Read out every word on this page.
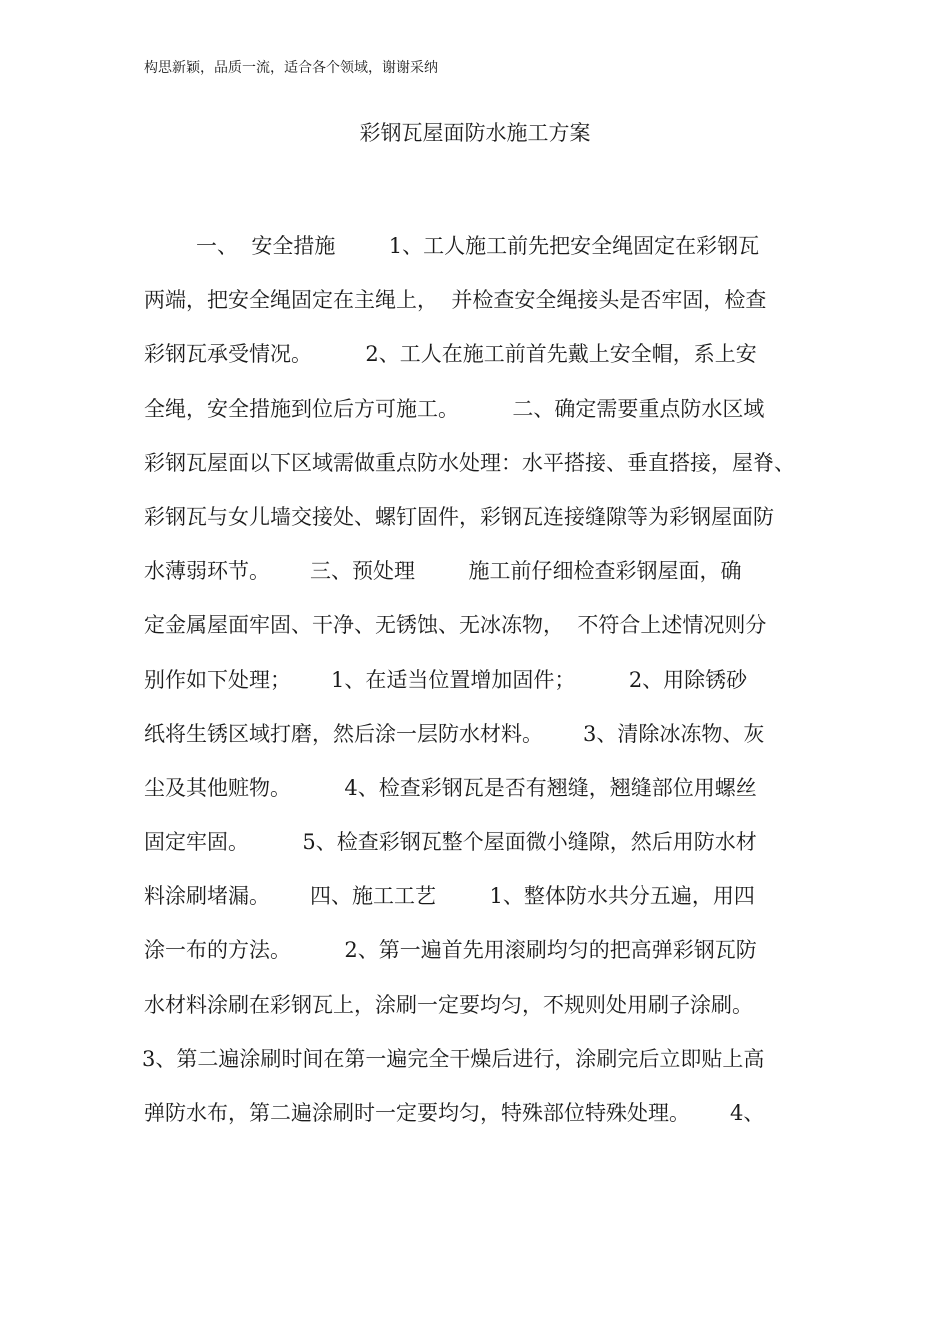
构思新颖，品质一流，适合各个领域，谢谢采纳
彩钢瓦屋面防水施工方案
一、  安全措施        1、工人施工前先把安全绳固定在彩钢瓦
两端，把安全绳固定在主绳上，  并检查安全绳接头是否牢固，检查
彩钢瓦承受情况。        2、工人在施工前首先戴上安全帽，系上安
全绳，安全措施到位后方可施工。        二、确定需要重点防水区域
彩钢瓦屋面以下区域需做重点防水处理：水平搭接、垂直搭接，屋脊、
彩钢瓦与女儿墙交接处、螺钉固件，彩钢瓦连接缝隙等为彩钢屋面防
水薄弱环节。      三、预处理        施工前仔细检查彩钢屋面，确
定金属屋面牢固、干净、无锈蚀、无冰冻物，  不符合上述情况则分
别作如下处理；      1、在适当位置增加固件；        2、用除锈砂
纸将生锈区域打磨，然后涂一层防水材料。      3、清除冰冻物、灰
尘及其他赃物。        4、检查彩钢瓦是否有翘缝，翘缝部位用螺丝
固定牢固。        5、检查彩钢瓦整个屋面微小缝隙，然后用防水材
料涂刷堵漏。      四、施工工艺        1、整体防水共分五遍，用四
涂一布的方法。        2、第一遍首先用滚刷均匀的把高弹彩钢瓦防
水材料涂刷在彩钢瓦上，涂刷一定要均匀，不规则处用刷子涂刷。
3、第二遍涂刷时间在第一遍完全干燥后进行，涂刷完后立即贴上高
弹防水布，第二遍涂刷时一定要均匀，特殊部位特殊处理。      4、
